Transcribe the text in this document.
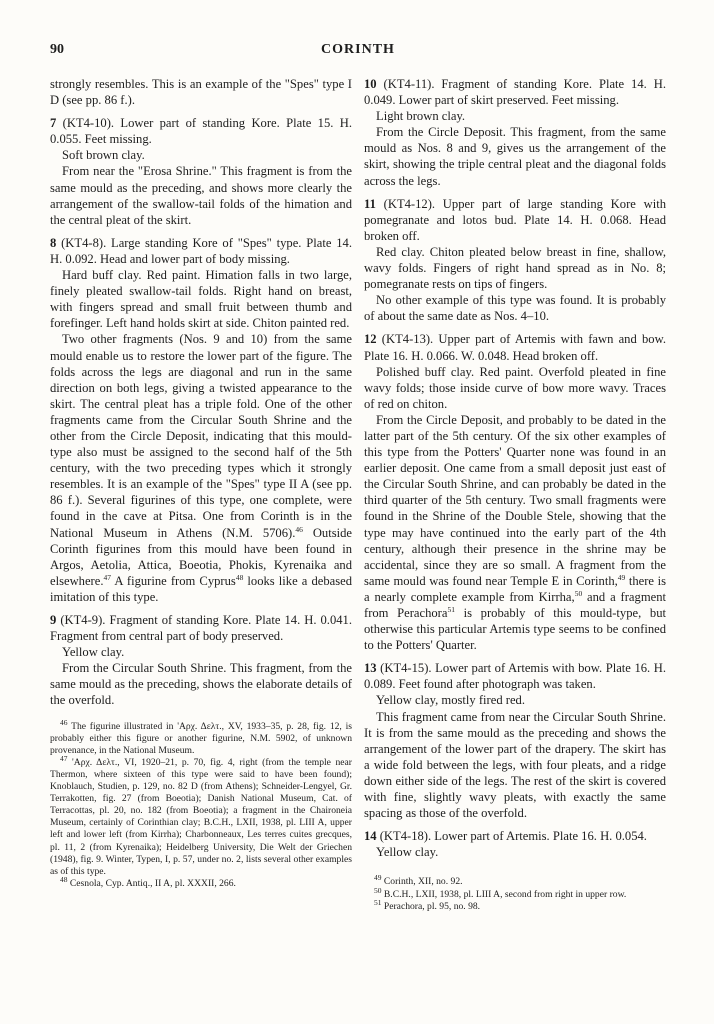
90	CORINTH

strongly resembles. This is an example of the "Spes" type I D (see pp. 86 f.).

7 (KT4-10). Lower part of standing Kore. Plate 15. H. 0.055. Feet missing.

Soft brown clay.

From near the "Erosa Shrine." This fragment is from the same mould as the preceding, and shows more clearly the arrangement of the swallow-tail folds of the himation and the central pleat of the skirt.

8 (KT4-8). Large standing Kore of "Spes" type. Plate 14. H. 0.092. Head and lower part of body missing.

Hard buff clay. Red paint. Himation falls in two large, finely pleated swallow-tail folds. Right hand on breast, with fingers spread and small fruit between thumb and forefinger. Left hand holds skirt at side. Chiton painted red.

Two other fragments (Nos. 9 and 10) from the same mould enable us to restore the lower part of the figure. The folds across the legs are diagonal and run in the same direction on both legs, giving a twisted appearance to the skirt. The central pleat has a triple fold. One of the other fragments came from the Circular South Shrine and the other from the Circle Deposit, indicating that this mould-type also must be assigned to the second half of the 5th century, with the two preceding types which it strongly resembles. It is an example of the "Spes" type II A (see pp. 86 f.). Several figurines of this type, one complete, were found in the cave at Pitsa. One from Corinth is in the National Museum in Athens (N.M. 5706).$^{46}$ Outside Corinth figurines from this mould have been found in Argos, Aetolia, Attica, Boeotia, Phokis, Kyrenaika and elsewhere.$^{47}$ A figurine from Cyprus$^{48}$ looks like a debased imitation of this type.

9 (KT4-9). Fragment of standing Kore. Plate 14. H. 0.041. Fragment from central part of body preserved.

Yellow clay.

From the Circular South Shrine. This fragment, from the same mould as the preceding, shows the elaborate details of the overfold.

$^{46}$ The figurine illustrated in 'Αρχ. Δελτ., XV, 1933–35, p. 28, fig. 12, is probably either this figure or another figurine, N.M. 5902, of unknown provenance, in the National Museum.

$^{47}$ 'Αρχ. Δελτ., VI, 1920–21, p. 70, fig. 4, right (from the temple near Thermon, where sixteen of this type were said to have been found); Knoblauch, Studien, p. 129, no. 82 D (from Athens); Schneider-Lengyel, Gr. Terrakotten, fig. 27 (from Boeotia); Danish National Museum, Cat. of Terracottas, pl. 20, no. 182 (from Boeotia); a fragment in the Chaironeia Museum, certainly of Corinthian clay; B.C.H., LXII, 1938, pl. LIII A, upper left and lower left (from Kirrha); Charbonneaux, Les terres cuites grecques, pl. 11, 2 (from Kyrenaika); Heidelberg University, Die Welt der Griechen (1948), fig. 9. Winter, Typen, I, p. 57, under no. 2, lists several other examples as of this type.

$^{48}$ Cesnola, Cyp. Antiq., II A, pl. XXXII, 266.

10 (KT4-11). Fragment of standing Kore. Plate 14. H. 0.049. Lower part of skirt preserved. Feet missing.

Light brown clay.

From the Circle Deposit. This fragment, from the same mould as Nos. 8 and 9, gives us the arrangement of the skirt, showing the triple central pleat and the diagonal folds across the legs.

11 (KT4-12). Upper part of large standing Kore with pomegranate and lotos bud. Plate 14. H. 0.068. Head broken off.

Red clay. Chiton pleated below breast in fine, shallow, wavy folds. Fingers of right hand spread as in No. 8; pomegranate rests on tips of fingers.

No other example of this type was found. It is probably of about the same date as Nos. 4–10.

12 (KT4-13). Upper part of Artemis with fawn and bow. Plate 16. H. 0.066. W. 0.048. Head broken off.

Polished buff clay. Red paint. Overfold pleated in fine wavy folds; those inside curve of bow more wavy. Traces of red on chiton.

From the Circle Deposit, and probably to be dated in the latter part of the 5th century. Of the six other examples of this type from the Potters' Quarter none was found in an earlier deposit. One came from a small deposit just east of the Circular South Shrine, and can probably be dated in the third quarter of the 5th century. Two small fragments were found in the Shrine of the Double Stele, showing that the type may have continued into the early part of the 4th century, although their presence in the shrine may be accidental, since they are so small. A fragment from the same mould was found near Temple E in Corinth,$^{49}$ there is a nearly complete example from Kirrha,$^{50}$ and a fragment from Perachora$^{51}$ is probably of this mould-type, but otherwise this particular Artemis type seems to be confined to the Potters' Quarter.

13 (KT4-15). Lower part of Artemis with bow. Plate 16. H. 0.089. Feet found after photograph was taken.

Yellow clay, mostly fired red.

This fragment came from near the Circular South Shrine. It is from the same mould as the preceding and shows the arrangement of the lower part of the drapery. The skirt has a wide fold between the legs, with four pleats, and a ridge down either side of the legs. The rest of the skirt is covered with fine, slightly wavy pleats, with exactly the same spacing as those of the overfold.

14 (KT4-18). Lower part of Artemis. Plate 16. H. 0.054.

Yellow clay.

$^{49}$ Corinth, XII, no. 92.

$^{50}$ B.C.H., LXII, 1938, pl. LIII A, second from right in upper row.

$^{51}$ Perachora, pl. 95, no. 98.
